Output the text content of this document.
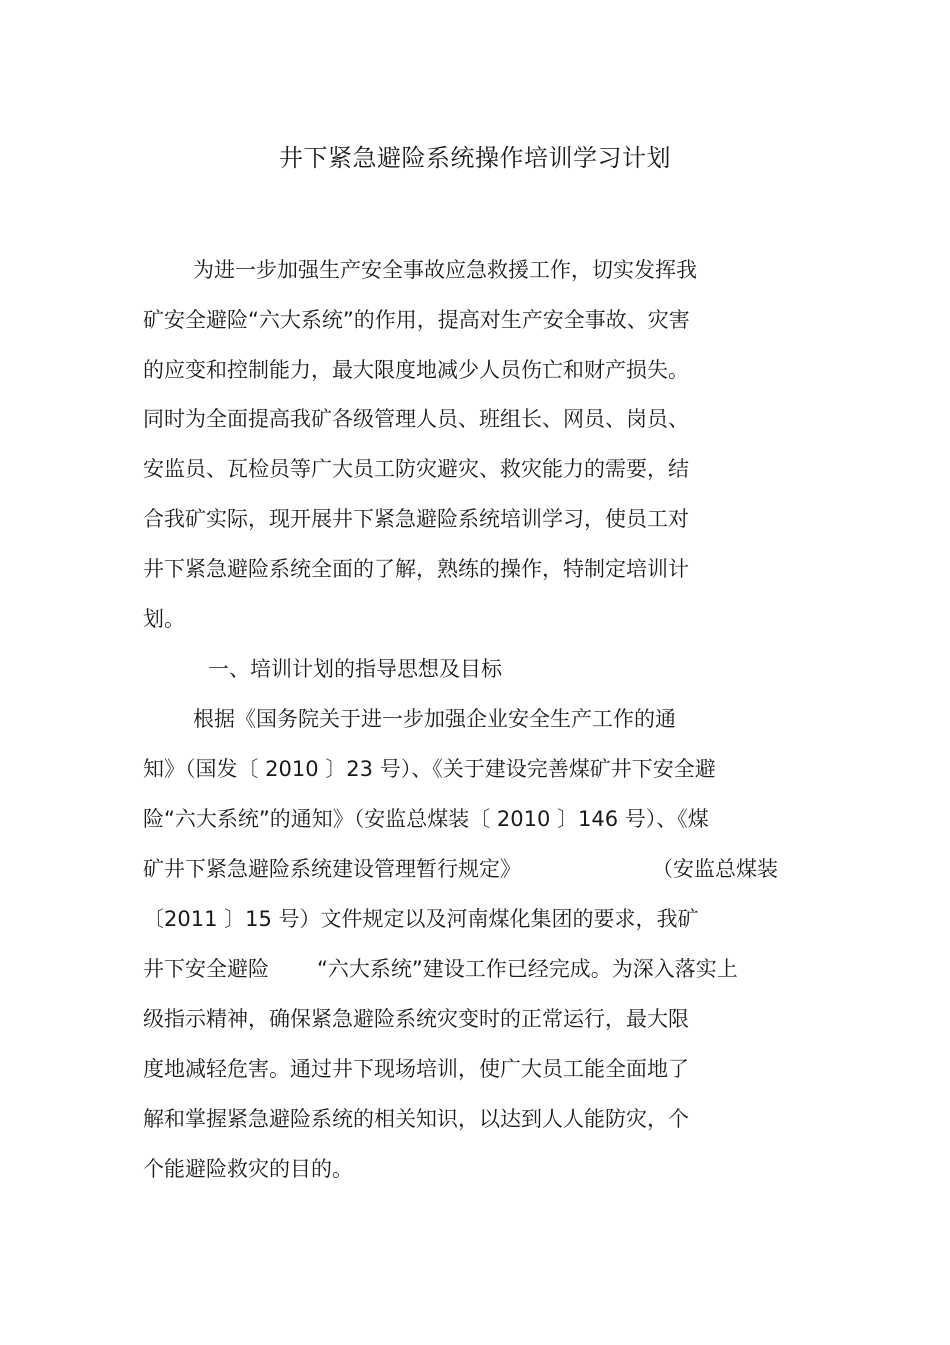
井下紧急避险系统操作培训学习计划
为进一步加强生产安全事故应急救援工作，切实发挥我
矿安全避险“六大系统”的作用，提高对生产安全事故、灾害
的应变和控制能力，最大限度地减少人员伤亡和财产损失。
同时为全面提高我矿各级管理人员、班组长、网员、岗员、
安监员、瓦检员等广大员工防灾避灾、救灾能力的需要，结
合我矿实际，现开展井下紧急避险系统培训学习，使员工对
井下紧急避险系统全面的了解，熟练的操作，特制定培训计
划。
一、培训计划的指导思想及目标
根据《国务院关于进一步加强企业安全生产工作的通
知》（国发〔 2010 〕23 号）、《关于建设完善煤矿井下安全避
险“六大系统”的通知》（安监总煤装〔 2010 〕146 号）、《煤
矿井下紧急避险系统建设管理暂行规定》	（安监总煤装
〔2011 〕15 号）文件规定以及河南煤化集团的要求，我矿
井下安全避险 “六大系统”建设工作已经完成。为深入落实上
级指示精神，确保紧急避险系统灾变时的正常运行，最大限
度地减轻危害。通过井下现场培训，使广大员工能全面地了
解和掌握紧急避险系统的相关知识，以达到人人能防灾，个
个能避险救灾的目的。
